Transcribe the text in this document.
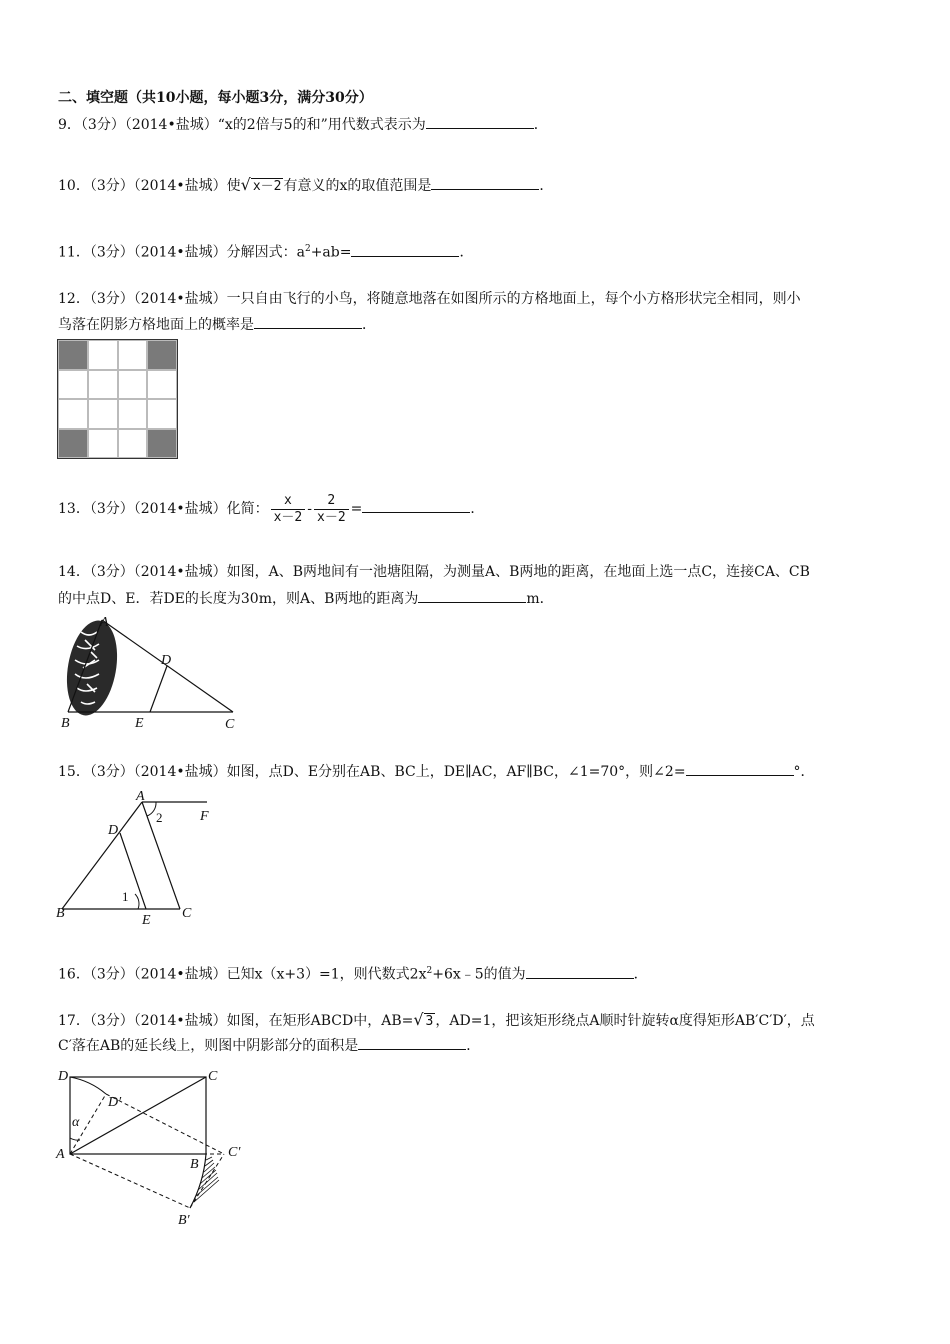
二、填空题（共10小题，每小题3分，满分30分）
9．（3分）（2014•盐城）“x的2倍与5的和”用代数式表示为	．
10．（3分）（2014•盐城）使√ x－2 有意义的x的取值范围是	．
11．（3分）（2014•盐城）分解因式：$a^2+ab=$	．
12．（3分）（2014•盐城）一只自由飞行的小鸟，将随意地落在如图所示的方格地面上，每个小方格形状完全相同，则小
鸟落在阴影方格地面上的概率是	．
13．（3分）（2014•盐城）化简： $\frac{x}{x-2} - \frac{2}{x-2}$ =	．
14．（3分）（2014•盐城）如图，A、B两地间有一池塘阻隔，为测量A、B两地的距离，在地面上选一点C，连接CA、CB
的中点D、E．若DE的长度为30m，则A、B两地的距离为	m．
A
B	C
D
E
15．（3分）（2014•盐城）如图，点D、E分别在AB、BC上，DE∥AC，AF∥BC，∠1=70°，则∠2=	°．
A
B	C
D
E
F
1
2
16．（3分）（2014•盐城）已知x（x+3）=1，则代数式$2x^2+6x﹣5$的值为	．
17．（3分）（2014•盐城）如图，在矩形ABCD中，AB=√ 3 ，AD=1，把该矩形绕点A顺时针旋转α度得矩形AB′C′D′，点
C′落在AB的延长线上，则图中阴影部分的面积是	．
D	C
A
B
C′
B′
D′
α
